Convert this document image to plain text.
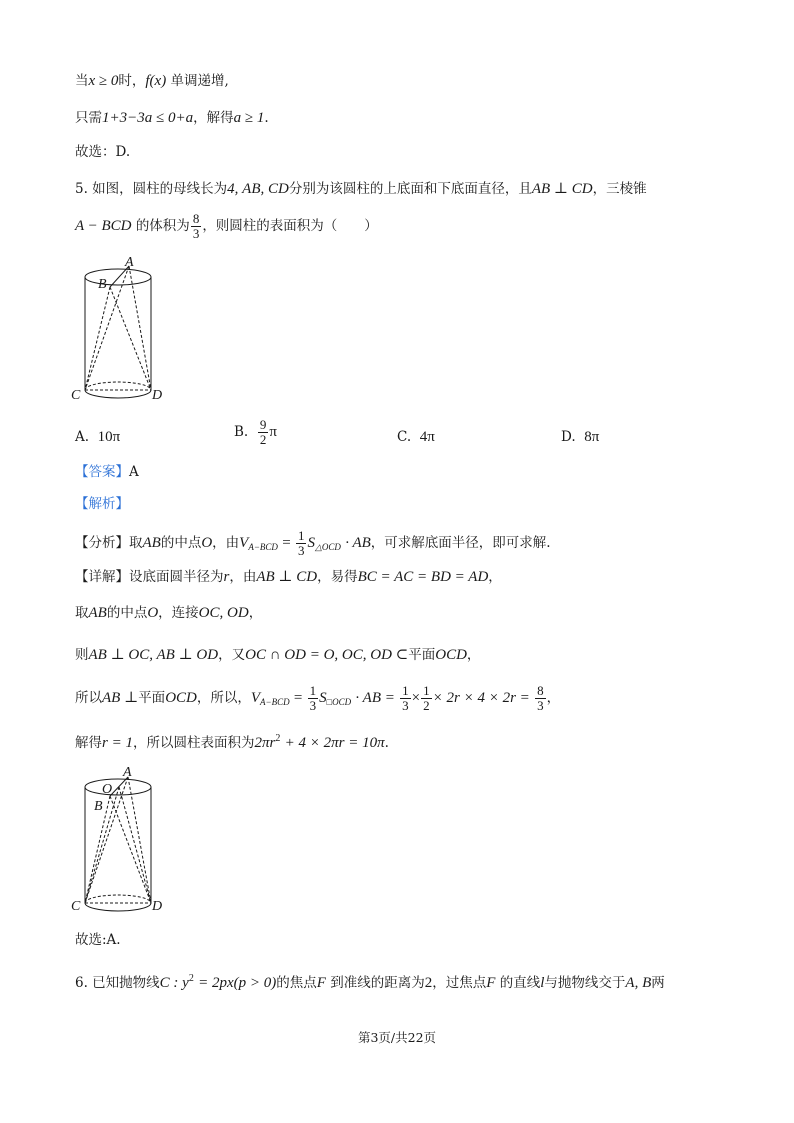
当x ≥ 0时，f(x) 单调递增,
只需1+3−3a ≤ 0+a，解得a ≥ 1.
故选：D.
5. 如图，圆柱的母线长为4, AB, CD分别为该圆柱的上底面和下底面直径，且AB ⊥ CD，三棱锥
A − BCD 的体积为 $\frac{8}{3}$ ，则圆柱的表面积为（　　）
A
B
C	D
A. 10π	B. $\frac{9}{2}$ π	C. 4π	D. 8π
【答案】A
【解析】
【分析】取AB的中点O，由$V_{A-BCD} = \frac{1}{3} S_{\triangle OCD}$ · AB，可求解底面半径，即可求解.
【详解】设底面圆半径为r，由AB ⊥ CD，易得BC = AC = BD = AD，
取AB的中点O，连接OC, OD，
则AB ⊥ OC, AB ⊥ OD，又OC ∩ OD = O, OC, OD ⊂平面OCD，
所以AB ⊥平面OCD，所以，$V_{A-BCD} = \frac{1}{3} S_{□OCD}$ · AB = $\frac{1}{3} \times \frac{1}{2} \times 2r \times 4 \times 2r = \frac{8}{3}$ ，
解得r = 1，所以圆柱表面积为$2\pi r^2 + 4 \times 2\pi r = 10\pi$.
A
O
B
C	D
故选:A.
6. 已知抛物线C : $y^2 = 2px(p > 0)$的焦点F 到准线的距离为2，过焦点F 的直线l与抛物线交于A, B两
第3页/共22页
